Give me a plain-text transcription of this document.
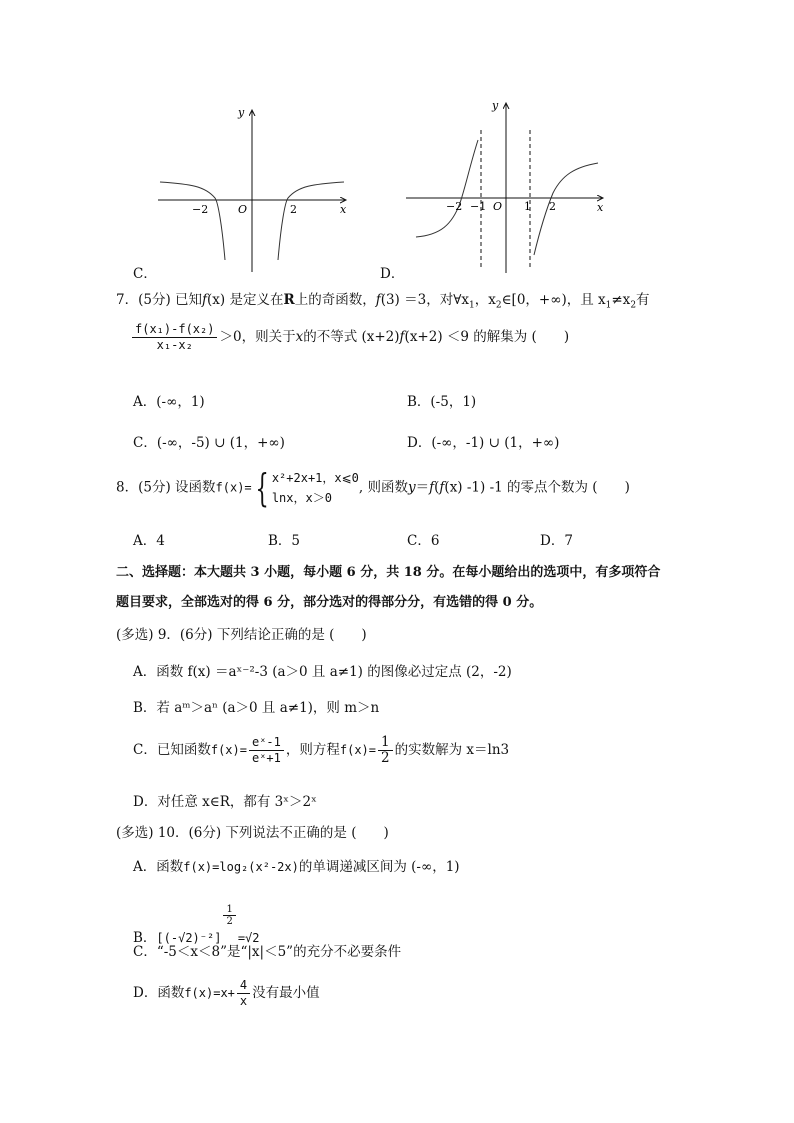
y
x
O
−2	2
y
x
O
−2 −1	1 2
C．	D．
7．(5分) 已知f(x) 是定义在R上的奇函数，f(3) ＝3，对$\forall x_1$，$x_2\in[0$，+∞)，且 $x_1\ne x_2$有
$\frac{\text{f(x₁)-f(x₂)}}{\text{x₁-x₂}} >0$，则关于x的不等式 (x+2)f(x+2) ＜9 的解集为 (　　)
A．(-∞，1)	B．(-5，1)
C．(-∞，-5) ∪ (1，+∞)	D．(-∞，-1) ∪ (1，+∞)
8．(5分) 设函数f(x)={ x²+2x+1，x⩽0
lnx，x＞0
, 则函数y＝f(f(x) -1) -1 的零点个数为 (　　)
A．4	B．5	C．6	D．7
二、选择题：本大题共 3 小题，每小题 6 分，共 18 分。在每小题给出的选项中，有多项符合
题目要求，全部选对的得 6 分，部分选对的得部分分，有选错的得 0 分。
(多选) 9．(6分) 下列结论正确的是 (　　)
A．函数 f(x) ＝aˣ⁻²-3 (a＞0 且 a≠1) 的图像必过定点 (2，-2)
B．若 aᵐ＞aⁿ (a＞0 且 a≠1)，则 m＞n
C．已知函数$f(x)= \frac{\text{eˣ-1}}{\text{eˣ+1}}$ ，则方程$f(x)= \frac{1}{2}$ 的实数解为 x＝ln3
D．对任意 x∈R，都有 3ˣ＞2ˣ
(多选) 10．(6分) 下列说法不正确的是 (　　)
A．函数f(x)=log₂(x²-2x)的单调递减区间为 (-∞，1)
B．[(-√2)⁻²]
$\frac{1}{2}$
=√2
C．“-5＜x＜8”是“|x|＜5”的充分不必要条件
D．函数$f(x)=x+ \frac{4}{x}$ 没有最小值
